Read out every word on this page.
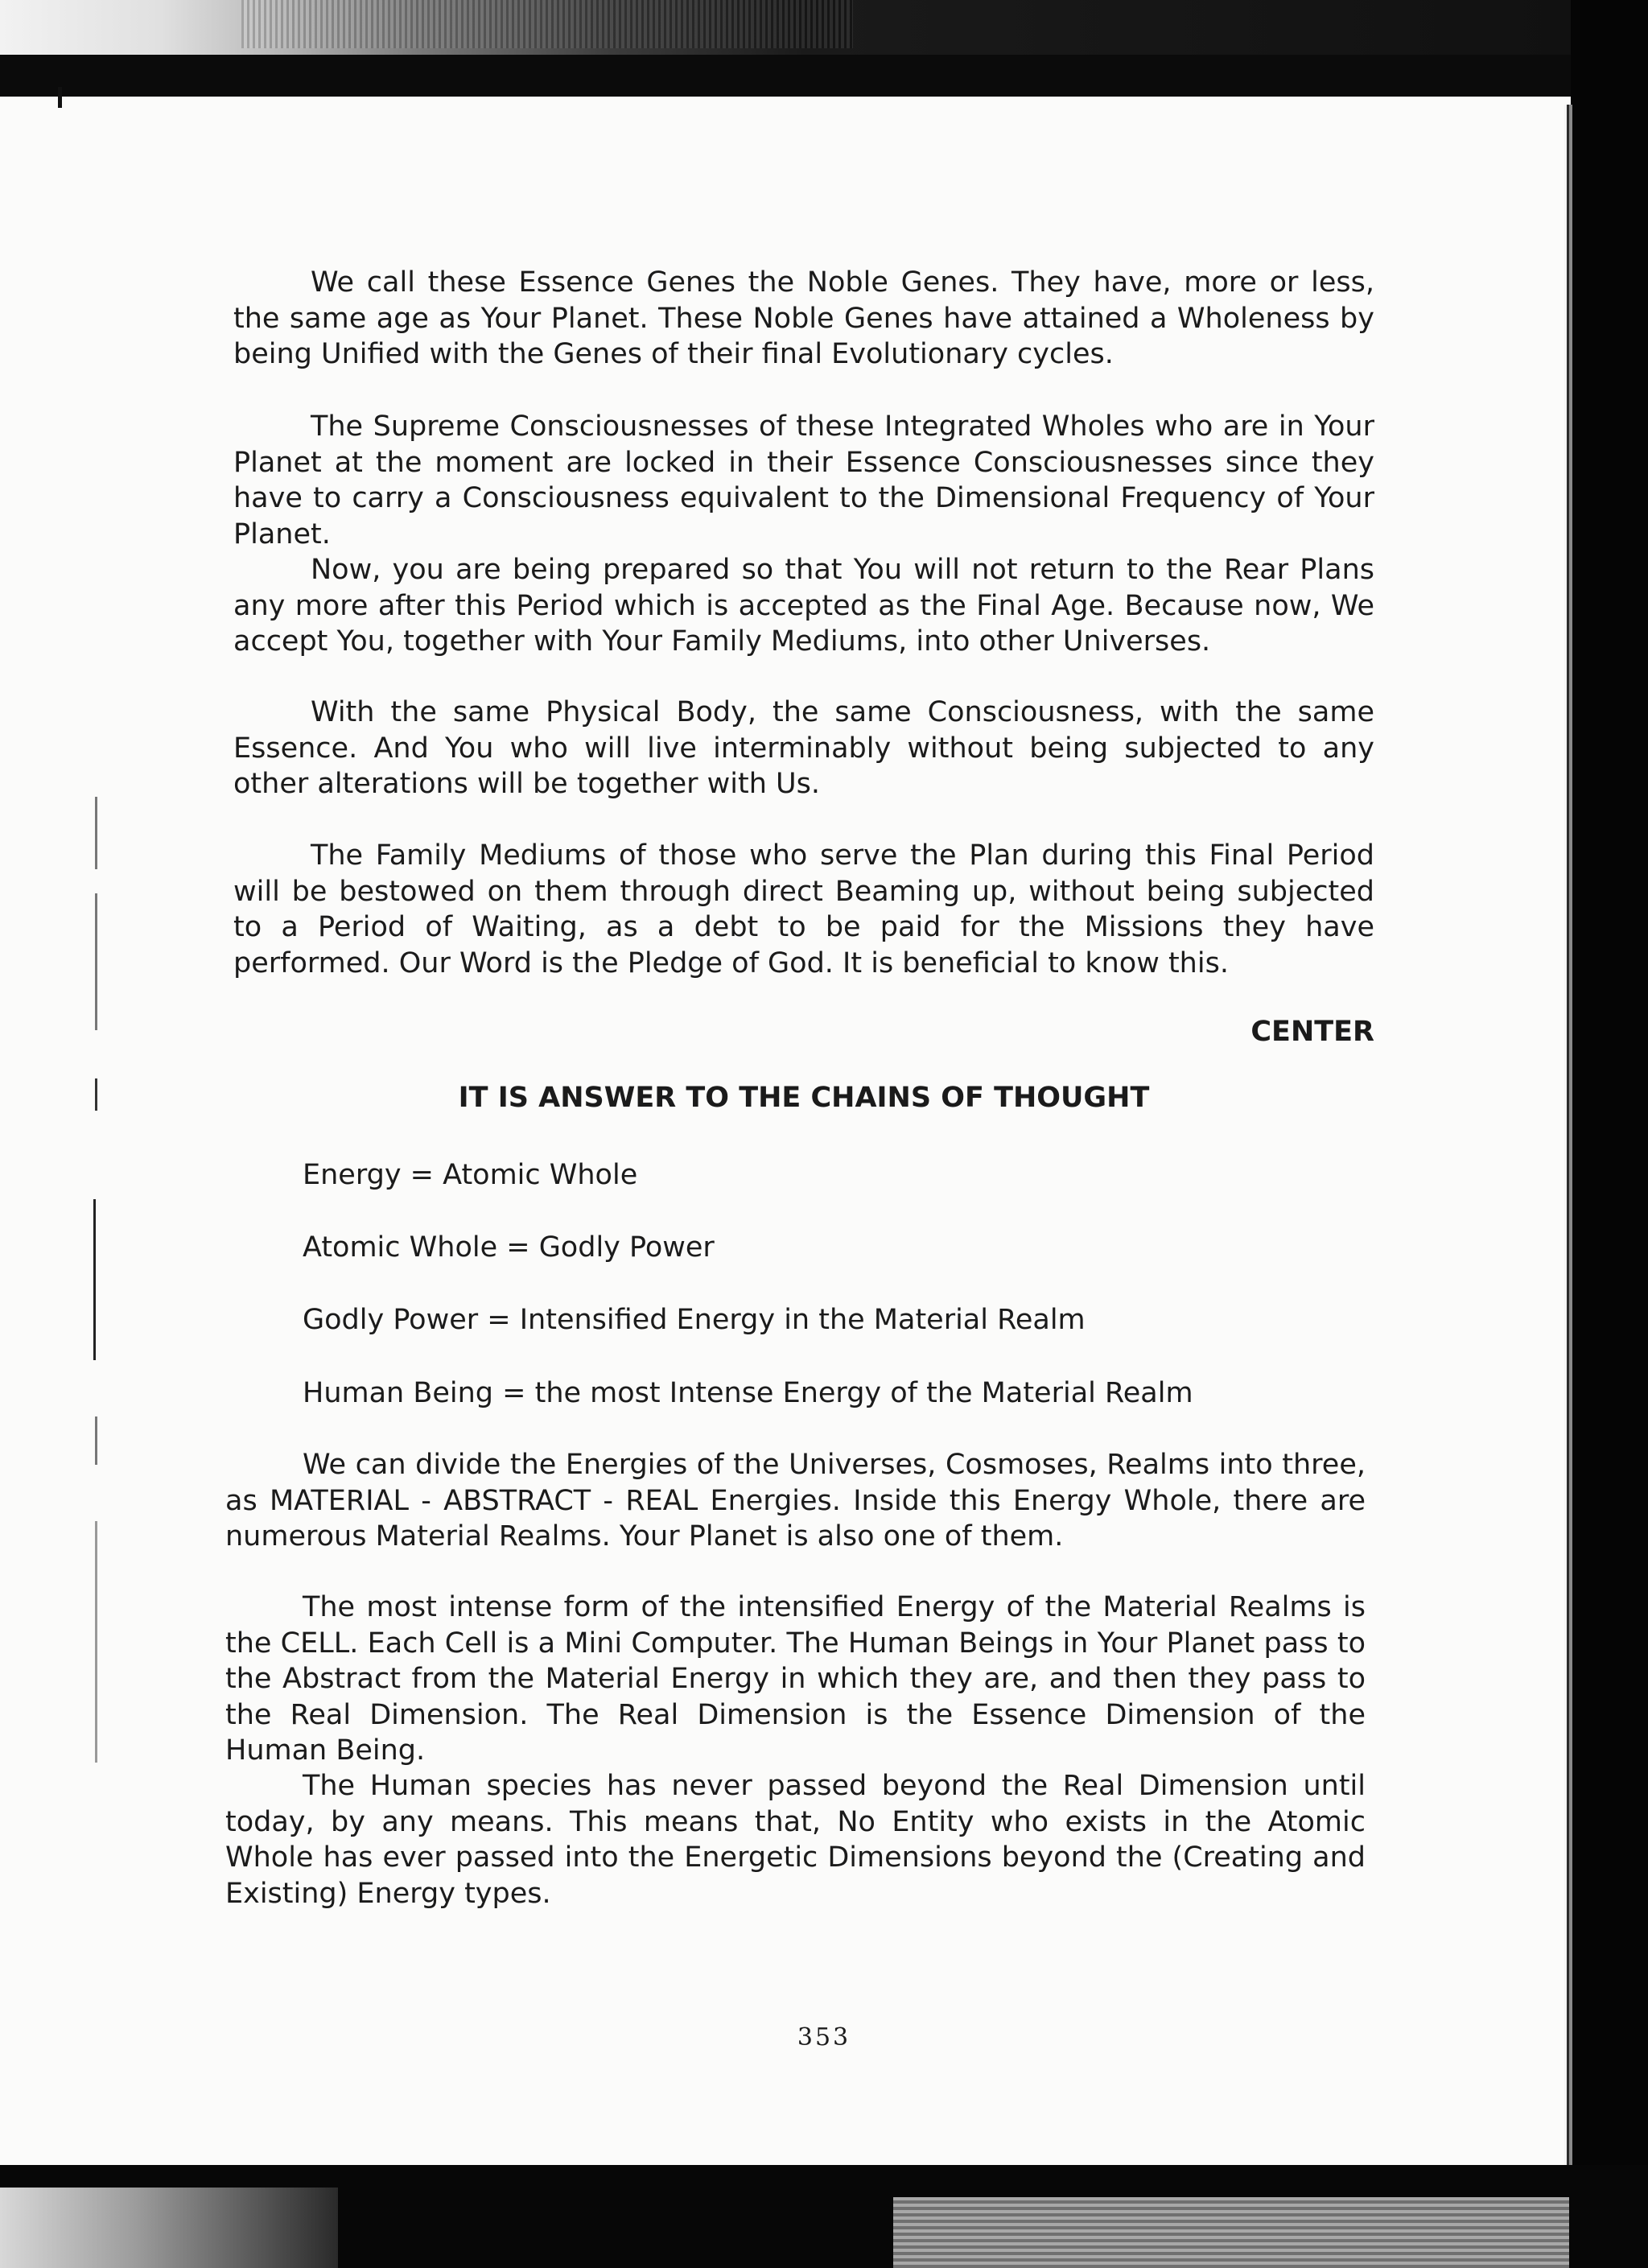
We call these Essence Genes the Noble Genes. They have, more or less, the same age as Your Planet. These Noble Genes have attained a Wholeness by being Unified with the Genes of their final Evolutionary cycles.

The Supreme Consciousnesses of these Integrated Wholes who are in Your Planet at the moment are locked in their Essence Consciousnesses since they have to carry a Consciousness equivalent to the Dimensional Frequency of Your Planet.

Now, you are being prepared so that You will not return to the Rear Plans any more after this Period which is accepted as the Final Age. Because now, We accept You, together with Your Family Mediums, into other Universes.

With the same Physical Body, the same Consciousness, with the same Essence. And You who will live interminably without being subjected to any other alterations will be together with Us.

The Family Mediums of those who serve the Plan during this Final Period will be bestowed on them through direct Beaming up, without being subjected to a Period of Waiting, as a debt to be paid for the Missions they have performed. Our Word is the Pledge of God. It is beneficial to know this.

CENTER

IT IS ANSWER TO THE CHAINS OF THOUGHT

Energy = Atomic Whole

Atomic Whole = Godly Power

Godly Power = Intensified Energy in the Material Realm

Human Being = the most Intense Energy of the Material Realm

We can divide the Energies of the Universes, Cosmoses, Realms into three, as MATERIAL - ABSTRACT - REAL Energies. Inside this Energy Whole, there are numerous Material Realms. Your Planet is also one of them.

The most intense form of the intensified Energy of the Material Realms is the CELL. Each Cell is a Mini Computer. The Human Beings in Your Planet pass to the Abstract from the Material Energy in which they are, and then they pass to the Real Dimension. The Real Dimension is the Essence Dimension of the Human Being.

The Human species has never passed beyond the Real Dimension until today, by any means. This means that, No Entity who exists in the Atomic Whole has ever passed into the Energetic Dimensions beyond the (Creating and Existing) Energy types.

353
